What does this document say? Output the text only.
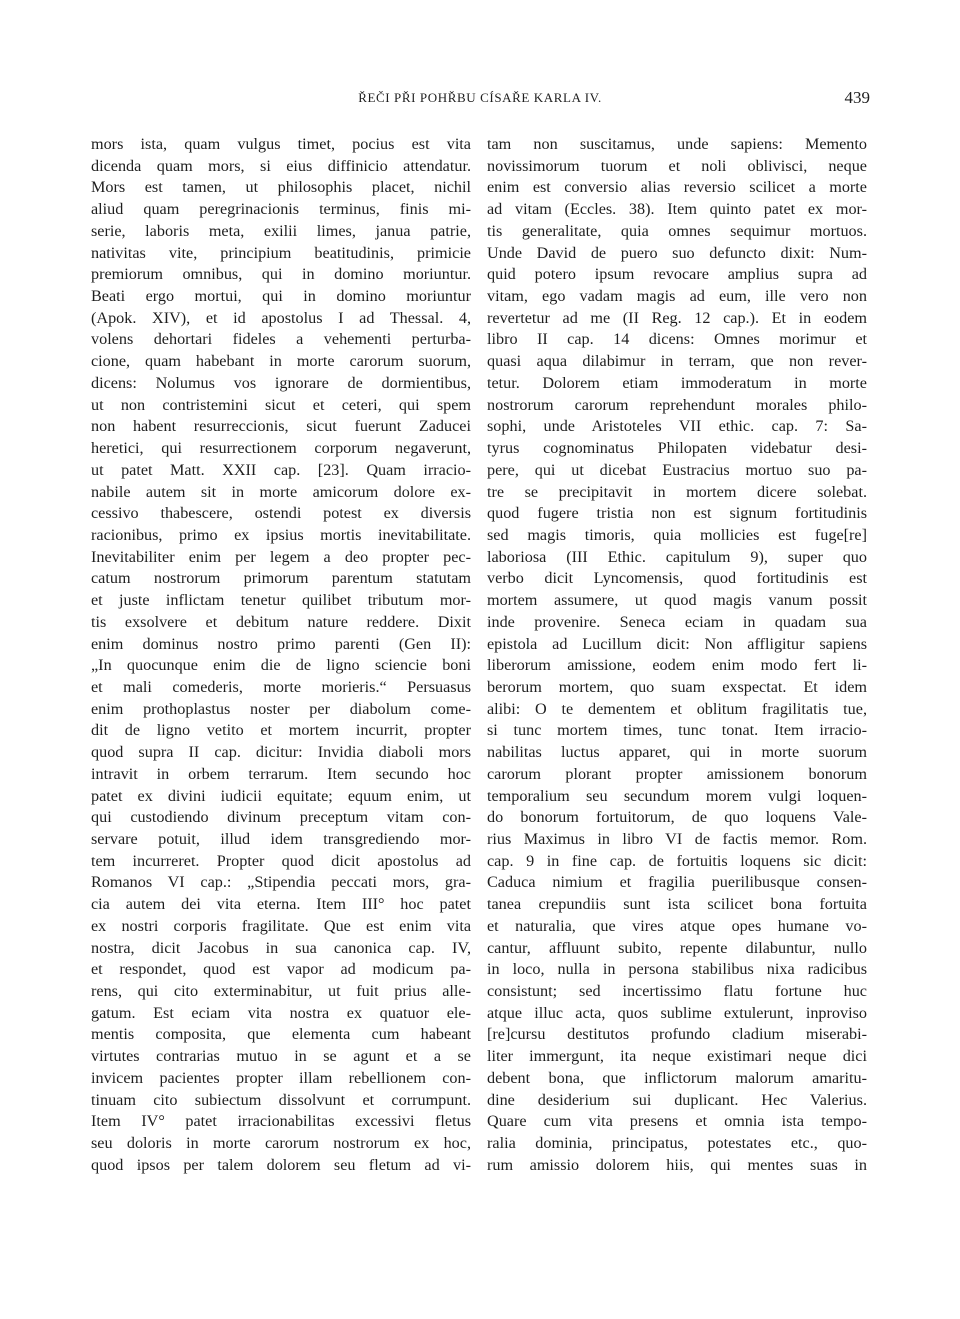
ŘEČI PŘI POHŘBU CÍSAŘE KARLA IV.	439
mors ista, quam vulgus timet, pocius est vita
dicenda quam mors, si eius diffinicio attendatur.
Mors est tamen, ut philosophis placet, nichil
aliud quam peregrinacionis terminus, finis mi-
serie, laboris meta, exilii limes, janua patrie,
nativitas vite, principium beatitudinis, primicie
premiorum omnibus, qui in domino moriuntur.
Beati ergo mortui, qui in domino moriuntur
(Apok. XIV), et id apostolus I ad Thessal. 4,
volens dehortari fideles a vehementi perturba-
cione, quam habebant in morte carorum suorum,
dicens: Nolumus vos ignorare de dormientibus,
ut non contristemini sicut et ceteri, qui spem
non habent resurreccionis, sicut fuerunt Zaducei
heretici, qui resurrectionem corporum negaverunt,
ut patet Matt. XXII cap. [23]. Quam irracio-
nabile autem sit in morte amicorum dolore ex-
cessivo thabescere, ostendi potest ex diversis
racionibus, primo ex ipsius mortis inevitabilitate.
Inevitabiliter enim per legem a deo propter pec-
catum nostrorum primorum parentum statutam
et juste inflictam tenetur quilibet tributum mor-
tis exsolvere et debitum nature reddere. Dixit
enim dominus nostro primo parenti (Gen II):
„In quocunque enim die de ligno sciencie boni
et mali comederis, morte morieris.“ Persuasus
enim prothoplastus noster per diabolum come-
dit de ligno vetito et mortem incurrit, propter
quod supra II cap. dicitur: Invidia diaboli mors
intravit in orbem terrarum. Item secundo hoc
patet ex divini iudicii equitate; equum enim, ut
qui custodiendo divinum preceptum vitam con-
servare potuit, illud idem transgrediendo mor-
tem incurreret. Propter quod dicit apostolus ad
Romanos VI cap.: „Stipendia peccati mors, gra-
cia autem dei vita eterna. Item III° hoc patet
ex nostri corporis fragilitate. Que est enim vita
nostra, dicit Jacobus in sua canonica cap. IV,
et respondet, quod est vapor ad modicum pa-
rens, qui cito exterminabitur, ut fuit prius alle-
gatum. Est eciam vita nostra ex quatuor ele-
mentis composita, que elementa cum habeant
virtutes contrarias mutuo in se agunt et a se
invicem pacientes propter illam rebellionem con-
tinuam cito subiectum dissolvunt et corrumpunt.
Item IV° patet irracionabilitas excessivi fletus
seu doloris in morte carorum nostrorum ex hoc,
quod ipsos per talem dolorem seu fletum ad vi-
tam non suscitamus, unde sapiens: Memento
novissimorum tuorum et noli oblivisci, neque
enim est conversio alias reversio scilicet a morte
ad vitam (Eccles. 38). Item quinto patet ex mor-
tis generalitate, quia omnes sequimur mortuos.
Unde David de puero suo defuncto dixit: Num-
quid potero ipsum revocare amplius supra ad
vitam, ego vadam magis ad eum, ille vero non
revertetur ad me (II Reg. 12 cap.). Et in eodem
libro II cap. 14 dicens: Omnes morimur et
quasi aqua dilabimur in terram, que non rever-
tetur. Dolorem etiam immoderatum in morte
nostrorum carorum reprehendunt morales philo-
sophi, unde Aristoteles VII ethic. cap. 7: Sa-
tyrus cognominatus Philopaten videbatur desi-
pere, qui ut dicebat Eustracius mortuo suo pa-
tre se precipitavit in mortem dicere solebat.
quod fugere tristia non est signum fortitudinis
sed magis timoris, quia mollicies est fuge[re]
laboriosa (III Ethic. capitulum 9), super quo
verbo dicit Lyncomensis, quod fortitudinis est
mortem assumere, ut quod magis vanum possit
inde provenire. Seneca eciam in quadam sua
epistola ad Lucillum dicit: Non affligitur sapiens
liberorum amissione, eodem enim modo fert li-
berorum mortem, quo suam exspectat. Et idem
alibi: O te dementem et oblitum fragilitatis tue,
si tunc mortem times, tunc tonat. Item irracio-
nabilitas luctus apparet, qui in morte suorum
carorum plorant propter amissionem bonorum
temporalium seu secundum morem vulgi loquen-
do bonorum fortuitorum, de quo loquens Vale-
rius Maximus in libro VI de factis memor. Rom.
cap. 9 in fine cap. de fortuitis loquens sic dicit:
Caduca nimium et fragilia puerilibusque consen-
tanea crepundiis sunt ista scilicet bona fortuita
et naturalia, que vires atque opes humane vo-
cantur, affluunt subito, repente dilabuntur, nullo
in loco, nulla in persona stabilibus nixa radicibus
consistunt; sed incertissimo flatu fortune huc
atque illuc acta, quos sublime extulerunt, inproviso
[re]cursu destitutos profundo cladium miserabi-
liter immergunt, ita neque existimari neque dici
debent bona, que inflictorum malorum amaritu-
dine desiderium sui duplicant. Hec Valerius.
Quare cum vita presens et omnia ista tempo-
ralia dominia, principatus, potestates etc., quo-
rum amissio dolorem hiis, qui mentes suas in
